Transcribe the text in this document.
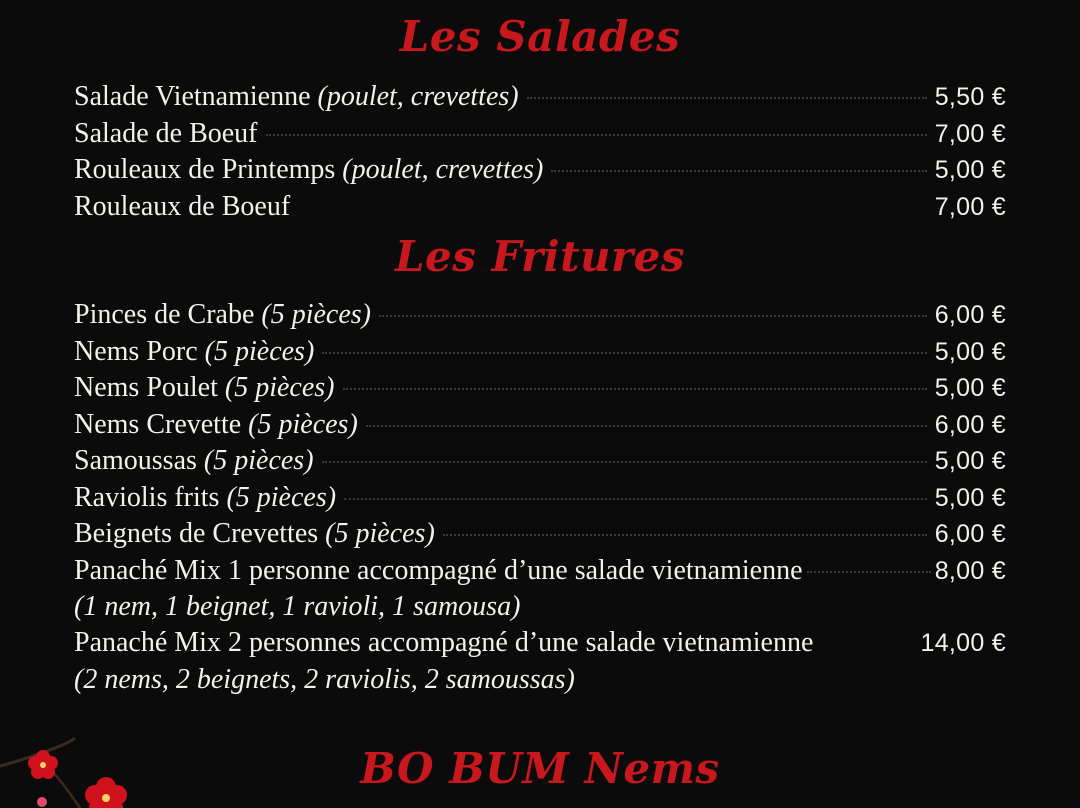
Les Salades
Salade Vietnamienne (poulet, crevettes)	5,50 €
Salade de Boeuf	7,00 €
Rouleaux de Printemps (poulet, crevettes)	5,00 €
Rouleaux de Boeuf	7,00 €
Les Fritures
Pinces de Crabe (5 pièces)	6,00 €
Nems Porc (5 pièces)	5,00 €
Nems Poulet (5 pièces)	5,00 €
Nems Crevette (5 pièces)	6,00 €
Samoussas (5 pièces)	5,00 €
Raviolis frits (5 pièces)	5,00 €
Beignets de Crevettes (5 pièces)	6,00 €
Panaché Mix 1 personne accompagné d’une salade vietnamienne	8,00 €
(1 nem, 1 beignet, 1 ravioli, 1 samousa)
Panaché Mix 2 personnes accompagné d’une salade vietnamienne	14,00 €
(2 nems, 2 beignets, 2 raviolis, 2 samoussas)
BO BUM Nems
